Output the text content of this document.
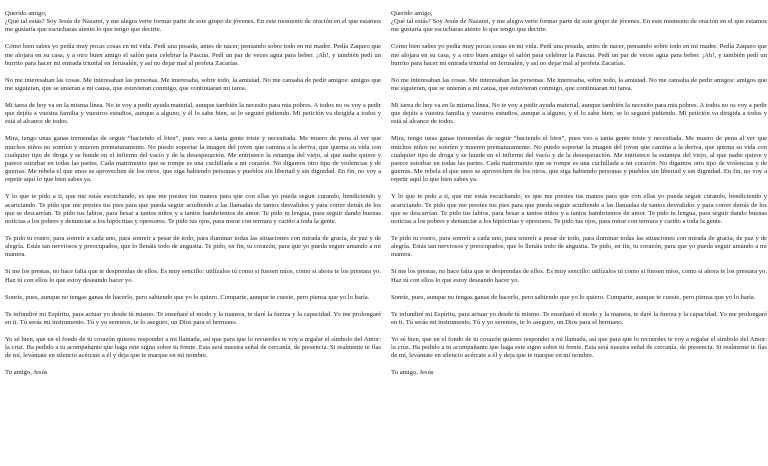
Querido amigo,
¿Qué tal estás? Soy Jesús de Nazaret, y me alegra verte formar parte de este grupo de jóvenes. En este momento de oración en el que estamos me gustaría que escucharas atento lo que tengo que decirte.

Como bien sabes yo pedía muy pocas cosas en mi vida. Pedí una posada, antes de nacer, pensando sobre todo en mi madre. Pedía Zaqueo que me alojara en su casa, y a otro buen amigo el salón para celebrar la Pascua. Pedí un par de veces agua para beber. ¡Ah!, y también pedí un burrito para hacer mi entrada triunfal en Jerusalén, y así no dejar mal al profeta Zacarías.

No me interesaban las cosas. Me interesaban las personas. Me interesaba, sobre todo, la amistad. No me cansaba de pedir amigos: amigos que me siguieran, que se unieran a mi causa, que estuvieran conmigo, que continuaran mi tarea.

Mi tarea de hoy va en la misma línea. No te voy a pedir ayuda material, aunque también la necesito para mis pobres. A todos no os voy a pedir que dejéis a vuestra familia y vuestros estudios, aunque a alguno, y él lo sabe bien, se lo seguiré pidiendo. Mi petición va dirigida a todos y está al alcance de todos.

Mira, tengo unas ganas tremendas de seguir “haciendo el bien”, pues veo a tanta gente triste y necesitada. Me muero de pena al ver que muchos niños no sonríen y mueren prematuramente. No puedo soportar la imagen del joven que camina a la deriva, que quema su vida con cualquier tipo de droga y se hunde en el infierno del vacío y de la desesperación. Me entristece la estampa del viejo, al que nadie quiere y parece estorbar en todas las partes. Cada matrimonio que se rompe es una cuchillada a mi corazón. No digamos otro tipo de violencias y de guerras. Me rebela el que unos se aprovechen de los otros, que siga habiendo personas y pueblos sin libertad y sin dignidad. En fin, no voy a repetir aquí lo que bien sabes ya.

Y lo que te pido a ti, que me estás escuchando, es que me prestes tus manos para que con ellas yo pueda seguir curando, bendiciendo y acariciando. Te pido que me prestes tus pies para que pueda seguir acudiendo a las llamadas de tantos desvalidos y para correr detrás de los que se descarrían. Te pido tus labios, para besar a tantos niños y a tantos hambrientos de amor. Te pido tu lengua, para seguir dando buenas noticias a los pobres y denunciar a los hipócritas y opresores. Te pido tus ojos, para mirar con ternura y cariño a toda la gente.

Te pido tu rostro, para sonreír a cada uno, para sonreír a pesar de todo, para iluminar todas las situaciones con mirada de gracia, de paz y de alegría. Estás tan nerviosos y preocupados, que lo llenáis todo de angustia. Te pido, en fin, tu corazón, para que yo pueda seguir amando a mi manera.

Si me los prestas, no hace falta que te desprendas de ellos. Es muy sencillo: utilízalos tú como si fuesen míos, como si ahora te los prestara yo. Haz tú con ellos lo que estoy deseando hacer yo.

Sonríe, pues, aunque no tengas ganas de hacerlo, pero sabiendo que yo lo quiero. Comparte, aunque te cueste, pero piensa que yo lo haría.

Te infundiré mi Espíritu, para actuar yo desde tú mismo. Te enseñaré el modo y la manera, te daré la fuerza y la capacidad. Yo me prolongaré en ti. Tú serás mi instrumento. Tú y yo seremos, te lo aseguro, un Dios para el hermano.

Yo sé bien, que en el fondo de tu corazón quieres responder a mi llamada, así que para que lo recuerdes te voy a regalar el símbolo del Amor: la cruz. Ha pedido a tu acompañante que haga este signo sobre tu frente. Esta será nuestra señal de cercanía, de presencia. Si realmente te fías de mí, levántate en silencio acércate a él y deja que te marque en mi nombre.

Tu amigo, Jesús

Querido amigo,
¿Qué tal estás? Soy Jesús de Nazaret, y me alegra verte formar parte de este grupo de jóvenes. En este momento de oración en el que estamos me gustaría que escucharas atento lo que tengo que decirte.

Como bien sabes yo pedía muy pocas cosas en mi vida. Pedí una posada, antes de nacer, pensando sobre todo en mi madre. Pedía Zaqueo que me alojara en su casa, y a otro buen amigo el salón para celebrar la Pascua. Pedí un par de veces agua para beber. ¡Ah!, y también pedí un burrito para hacer mi entrada triunfal en Jerusalén, y así no dejar mal al profeta Zacarías.

No me interesaban las cosas. Me interesaban las personas. Me interesaba, sobre todo, la amistad. No me cansaba de pedir amigos: amigos que me siguieran, que se unieran a mi causa, que estuvieran conmigo, que continuaran mi tarea.

Mi tarea de hoy va en la misma línea. No te voy a pedir ayuda material, aunque también la necesito para mis pobres. A todos no os voy a pedir que dejéis a vuestra familia y vuestros estudios, aunque a alguno, y él lo sabe bien, se lo seguiré pidiendo. Mi petición va dirigida a todos y está al alcance de todos.

Mira, tengo unas ganas tremendas de seguir “haciendo el bien”, pues veo a tanta gente triste y necesitada. Me muero de pena al ver que muchos niños no sonríen y mueren prematuramente. No puedo soportar la imagen del joven que camina a la deriva, que quema su vida con cualquier tipo de droga y se hunde en el infierno del vacío y de la desesperación. Me entristece la estampa del viejo, al que nadie quiere y parece estorbar en todas las partes. Cada matrimonio que se rompe es una cuchillada a mi corazón. No digamos otro tipo de violencias y de guerras. Me rebela el que unos se aprovechen de los otros, que siga habiendo personas y pueblos sin libertad y sin dignidad. En fin, no voy a repetir aquí lo que bien sabes ya.

Y lo que te pido a ti, que me estás escuchando, es que me prestes tus manos para que con ellas yo pueda seguir curando, bendiciendo y acariciando. Te pido que me prestes tus pies para que pueda seguir acudiendo a las llamadas de tantos desvalidos y para correr detrás de los que se descarrían. Te pido tus labios, para besar a tantos niños y a tantos hambrientos de amor. Te pido tu lengua, para seguir dando buenas noticias a los pobres y denunciar a los hipócritas y opresores. Te pido tus ojos, para mirar con ternura y cariño a toda la gente.

Te pido tu rostro, para sonreír a cada uno, para sonreír a pesar de todo, para iluminar todas las situaciones con mirada de gracia, de paz y de alegría. Estás tan nerviosos y preocupados, que lo llenáis todo de angustia. Te pido, en fin, tu corazón, para que yo pueda seguir amando a mi manera.

Si me los prestas, no hace falta que te desprendas de ellos. Es muy sencillo: utilízalos tú como si fuesen míos, como si ahora te los prestara yo. Haz tú con ellos lo que estoy deseando hacer yo.

Sonríe, pues, aunque no tengas ganas de hacerlo, pero sabiendo que yo lo quiero. Comparte, aunque te cueste, pero piensa que yo lo haría.

Te infundiré mi Espíritu, para actuar yo desde tú mismo. Te enseñaré el modo y la manera, te daré la fuerza y la capacidad. Yo me prolongaré en ti. Tú serás mi instrumento. Tú y yo seremos, te lo aseguro, un Dios para el hermano.

Yo sé bien, que en el fondo de tu corazón quieres responder a mi llamada, así que para que lo recuerdes te voy a regalar el símbolo del Amor: la cruz. Ha pedido a tu acompañante que haga este signo sobre tu frente. Esta será nuestra señal de cercanía, de presencia. Si realmente te fías de mí, levántate en silencio acércate a él y deja que te marque en mi nombre.

Tu amigo, Jesús
